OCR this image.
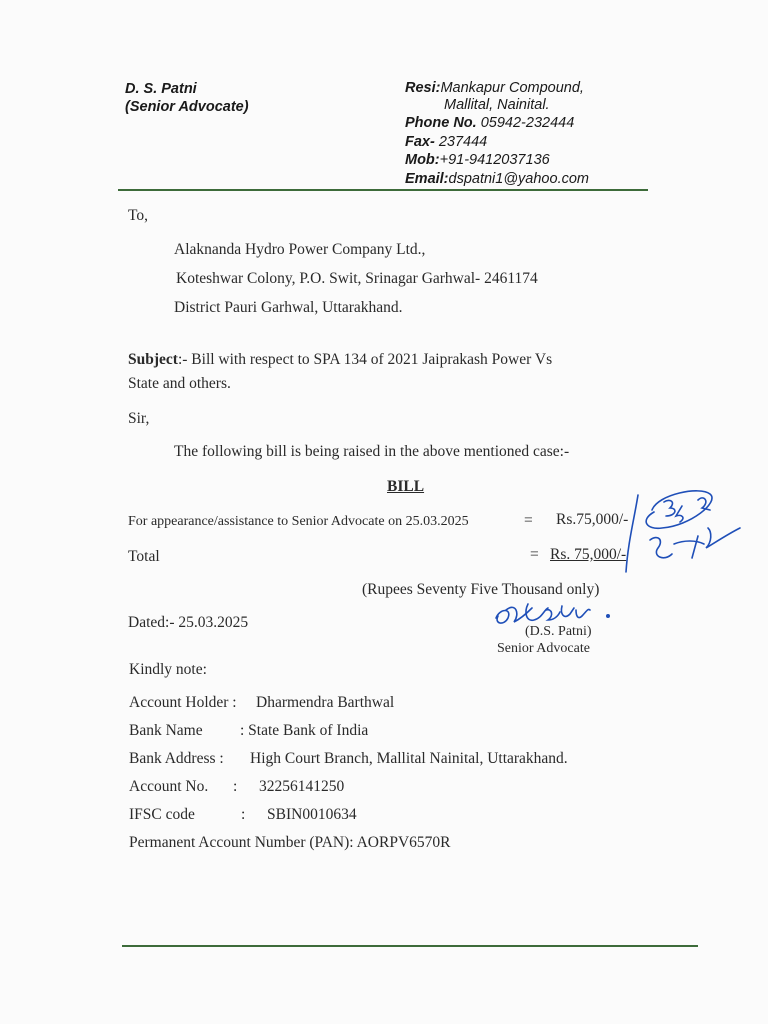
D. S. Patni
(Senior Advocate)
Resi:Mankapur Compound,
Mallital, Nainital.
Phone No. 05942-232444
Fax- 237444
Mob:+91-9412037136
Email:dspatni1@yahoo.com
To,
Alaknanda Hydro Power Company Ltd.,
Koteshwar Colony, P.O. Swit, Srinagar Garhwal- 2461174
District Pauri Garhwal, Uttarakhand.
Subject:- Bill with respect to SPA 134 of 2021 Jaiprakash Power Vs
State and others.
Sir,
The following bill is being raised in the above mentioned case:-
BILL
For appearance/assistance to Senior Advocate on 25.03.2025	= Rs.75,000/-
Total	= Rs. 75,000/-
(Rupees Seventy Five Thousand only)
Dated:- 25.03.2025
(D.S. Patni)
Senior Advocate
Kindly note:
Account Holder : Dharmendra Barthwal
Bank Name : State Bank of India
Bank Address : High Court Branch, Mallital Nainital, Uttarakhand.
Account No. : 32256141250
IFSC code	: SBIN0010634
Permanent Account Number (PAN): AORPV6570R
